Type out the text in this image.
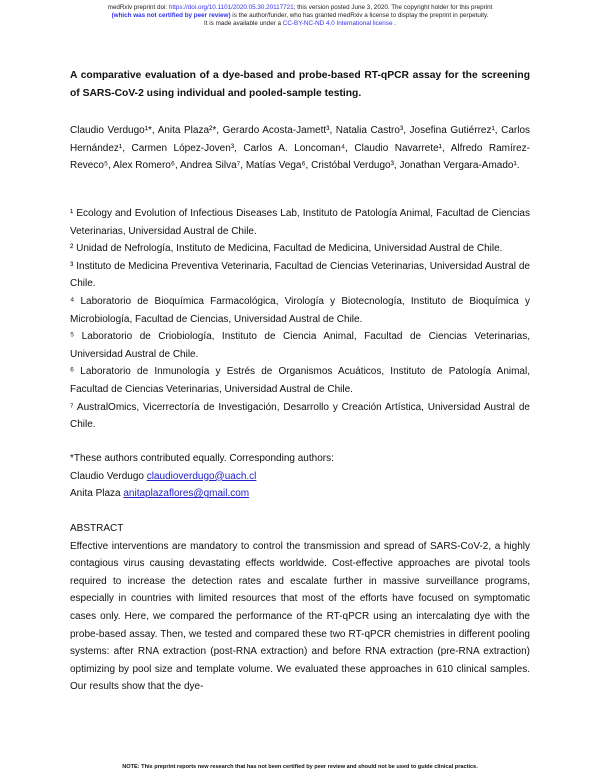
medRxiv preprint doi: https://doi.org/10.1101/2020.05.30.20117721; this version posted June 3, 2020. The copyright holder for this preprint
(which was not certified by peer review) is the author/funder, who has granted medRxiv a license to display the preprint in perpetuity.
It is made available under a CC-BY-NC-ND 4.0 International license .
A comparative evaluation of a dye-based and probe-based RT-qPCR assay for the screening of SARS-CoV-2 using individual and pooled-sample testing.
Claudio Verdugo¹*, Anita Plaza²*, Gerardo Acosta-Jamett³, Natalia Castro³, Josefina Gutiérrez¹, Carlos Hernández¹, Carmen López-Joven³, Carlos A. Loncoman⁴, Claudio Navarrete¹, Alfredo Ramírez-Reveco⁵, Alex Romero⁶, Andrea Silva⁷, Matías Vega⁶, Cristóbal Verdugo³, Jonathan Vergara-Amado¹.

¹ Ecology and Evolution of Infectious Diseases Lab, Instituto de Patología Animal, Facultad de Ciencias Veterinarias, Universidad Austral de Chile.

² Unidad de Nefrología, Instituto de Medicina, Facultad de Medicina, Universidad Austral de Chile.

³ Instituto de Medicina Preventiva Veterinaria, Facultad de Ciencias Veterinarias, Universidad Austral de Chile.

⁴ Laboratorio de Bioquímica Farmacológica, Virología y Biotecnología, Instituto de Bioquímica y Microbiología, Facultad de Ciencias, Universidad Austral de Chile.

⁵ Laboratorio de Criobiología, Instituto de Ciencia Animal, Facultad de Ciencias Veterinarias, Universidad Austral de Chile.

⁶ Laboratorio de Inmunología y Estrés de Organismos Acuáticos, Instituto de Patología Animal, Facultad de Ciencias Veterinarias, Universidad Austral de Chile.

⁷ AustralOmics, Vicerrectoría de Investigación, Desarrollo y Creación Artística, Universidad Austral de Chile.

*These authors contributed equally. Corresponding authors:

Claudio Verdugo claudioverdugo@uach.cl

Anita Plaza anitaplazaflores@gmail.com

ABSTRACT

Effective interventions are mandatory to control the transmission and spread of SARS-CoV-2, a highly contagious virus causing devastating effects worldwide. Cost-effective approaches are pivotal tools required to increase the detection rates and escalate further in massive surveillance programs, especially in countries with limited resources that most of the efforts have focused on symptomatic cases only. Here, we compared the performance of the RT-qPCR using an intercalating dye with the probe-based assay. Then, we tested and compared these two RT-qPCR chemistries in different pooling systems: after RNA extraction (post-RNA extraction) and before RNA extraction (pre-RNA extraction) optimizing by pool size and template volume. We evaluated these approaches in 610 clinical samples. Our results show that the dye-

NOTE: This preprint reports new research that has not been certified by peer review and should not be used to guide clinical practice.
